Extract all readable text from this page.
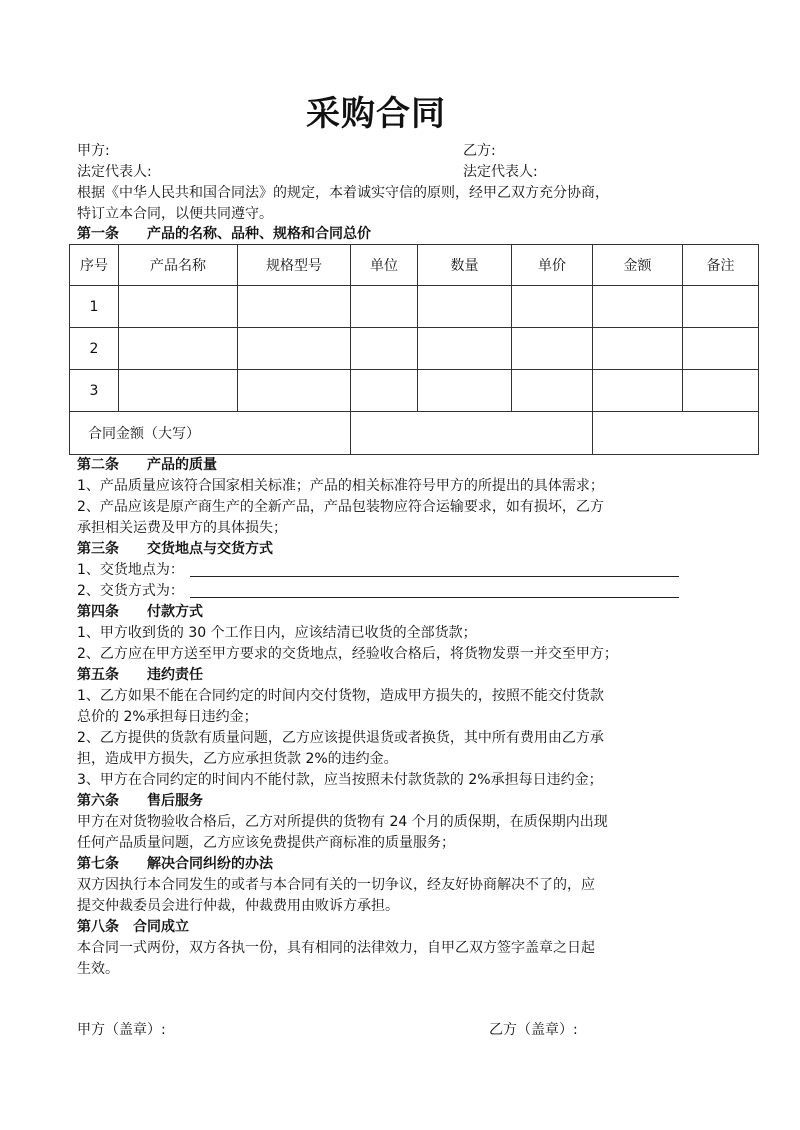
采购合同
甲方:	乙方:
法定代表人:	法定代表人:
根据《中华人民共和国合同法》的规定，本着诚实守信的原则，经甲乙双方充分协商，
特订立本合同，以便共同遵守。
第一条　　产品的名称、品种、规格和合同总价
序号	产品名称	规格型号	单位	数量	单价	金额	备注
1							
2							
3							
合同金额（大写）							
第二条　　产品的质量
1、产品质量应该符合国家相关标准；产品的相关标准符号甲方的所提出的具体需求；
2、产品应该是原产商生产的全新产品，产品包装物应符合运输要求，如有损坏，乙方
承担相关运费及甲方的具体损失；
第三条　　交货地点与交货方式
1、交货地点为：
2、交货方式为：
第四条　　付款方式
1、甲方收到货的 30 个工作日内，应该结清已收货的全部货款；
2、乙方应在甲方送至甲方要求的交货地点，经验收合格后，将货物发票一并交至甲方；
第五条　　违约责任
1、乙方如果不能在合同约定的时间内交付货物，造成甲方损失的，按照不能交付货款
总价的 2%承担每日违约金；
2、乙方提供的货款有质量问题，乙方应该提供退货或者换货，其中所有费用由乙方承
担，造成甲方损失，乙方应承担货款 2%的违约金。
3、甲方在合同约定的时间内不能付款，应当按照未付款货款的 2%承担每日违约金；
第六条　　售后服务
甲方在对货物验收合格后，乙方对所提供的货物有 24 个月的质保期，在质保期内出现
任何产品质量问题，乙方应该免费提供产商标准的质量服务；
第七条　　解决合同纠纷的办法
双方因执行本合同发生的或者与本合同有关的一切争议，经友好协商解决不了的，应
提交仲裁委员会进行仲裁，仲裁费用由败诉方承担。
第八条　合同成立
本合同一式两份，双方各执一份，具有相同的法律效力，自甲乙双方签字盖章之日起
生效。
甲方（盖章）:	乙方（盖章）:
